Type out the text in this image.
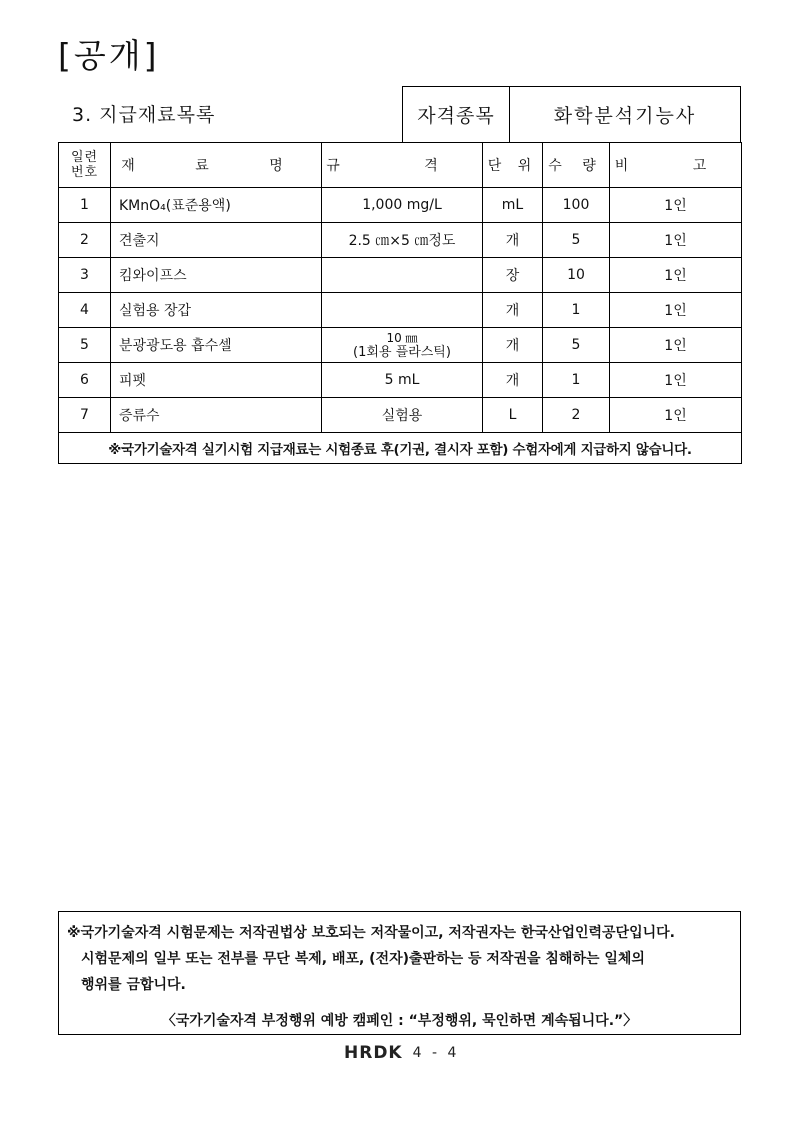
[공개]
3. 지급재료목록	자격종목	화학분석기능사
일련
번호	재 료 명	규 격	단 위	수 량	비 고
1	KMnO₄(표준용액)	1,000 mg/L	mL	100	1인
2	견출지	2.5 ㎝×5 ㎝정도	개	5	1인
3	킴와이프스		장	10	1인
4	실험용 장갑		개	1	1인
5	분광광도용 흡수셀	10 ㎜
(1회용 플라스틱)	개	5	1인
6	피펫	5 mL	개	1	1인
7	증류수	실험용	L	2	1인
※국가기술자격 실기시험 지급재료는 시험종료 후(기권, 결시자 포함) 수험자에게 지급하지 않습니다.					
※국가기술자격 시험문제는 저작권법상 보호되는 저작물이고, 저작권자는 한국산업인력공단입니다.
시험문제의 일부 또는 전부를 무단 복제, 배포, (전자)출판하는 등 저작권을 침해하는 일체의
행위를 금합니다.
〈국가기술자격 부정행위 예방 캠페인 : “부정행위, 묵인하면 계속됩니다.”〉
HRDK 4 - 4
